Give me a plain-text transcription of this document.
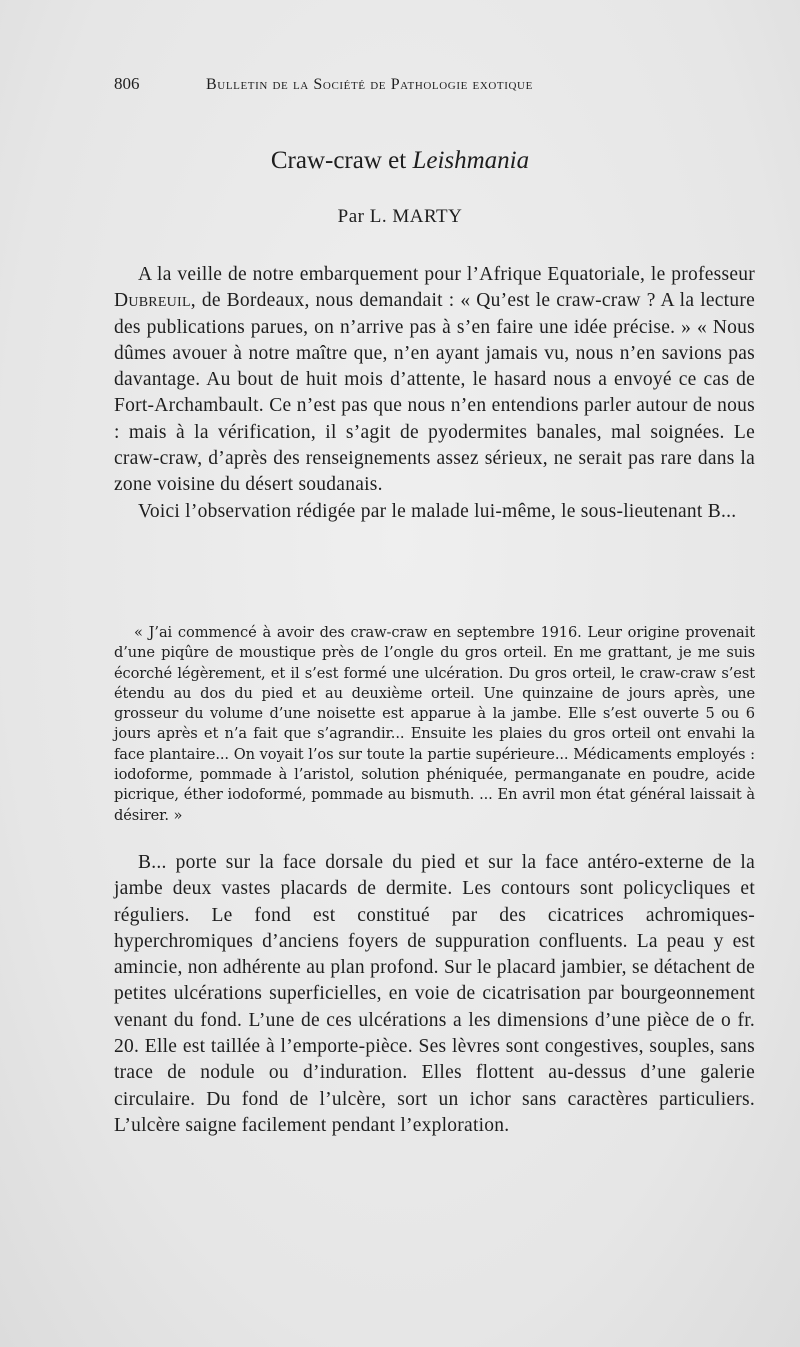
806	Bulletin de la Société de Pathologie exotique
Craw-craw et Leishmania
Par L. MARTY

A la veille de notre embarquement pour l’Afrique Equatoriale, le professeur Dubreuil, de Bordeaux, nous demandait : « Qu’est le craw-craw ? A la lecture des publications parues, on n’arrive pas à s’en faire une idée précise. » « Nous dûmes avouer à notre maître que, n’en ayant jamais vu, nous n’en savions pas davantage. Au bout de huit mois d’attente, le hasard nous a envoyé ce cas de Fort-Archambault. Ce n’est pas que nous n’en entendions parler autour de nous : mais à la vérification, il s’agit de pyodermites banales, mal soignées. Le craw-craw, d’après des renseignements assez sérieux, ne serait pas rare dans la zone voisine du désert soudanais.

Voici l’observation rédigée par le malade lui-même, le sous-lieutenant B...

« J’ai commencé à avoir des craw-craw en septembre 1916. Leur origine provenait d’une piqûre de moustique près de l’ongle du gros orteil. En me grattant, je me suis écorché légèrement, et il s’est formé une ulcération. Du gros orteil, le craw-craw s’est étendu au dos du pied et au deuxième orteil. Une quinzaine de jours après, une grosseur du volume d’une noisette est apparue à la jambe. Elle s’est ouverte 5 ou 6 jours après et n’a fait que s’agrandir... Ensuite les plaies du gros orteil ont envahi la face plantaire... On voyait l’os sur toute la partie supérieure... Médicaments employés : iodoforme, pommade à l’aristol, solution phéniquée, permanganate en poudre, acide picrique, éther iodoformé, pommade au bismuth. ... En avril mon état général laissait à désirer. »

B... porte sur la face dorsale du pied et sur la face antéro-externe de la jambe deux vastes placards de dermite. Les contours sont policycliques et réguliers. Le fond est constitué par des cicatrices achromiques-hyperchromiques d’anciens foyers de suppuration confluents. La peau y est amincie, non adhérente au plan profond. Sur le placard jambier, se détachent de petites ulcérations superficielles, en voie de cicatrisation par bourgeonnement venant du fond. L’une de ces ulcérations a les dimensions d’une pièce de o fr. 20. Elle est taillée à l’emporte-pièce. Ses lèvres sont congestives, souples, sans trace de nodule ou d’induration. Elles flottent au-dessus d’une galerie circulaire. Du fond de l’ulcère, sort un ichor sans caractères particuliers. L’ulcère saigne facilement pendant l’exploration.
